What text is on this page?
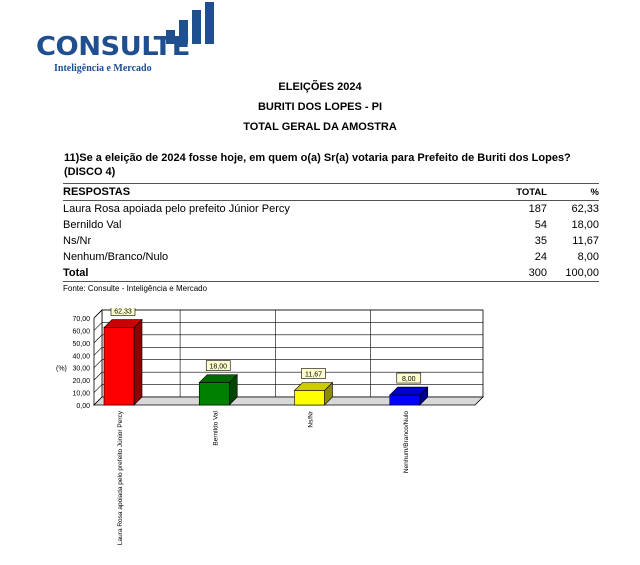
CONSULTE
Inteligência e Mercado
ELEIÇÕES 2024
BURITI DOS LOPES - PI
TOTAL GERAL DA AMOSTRA
11)Se a eleição de 2024 fosse hoje, em quem o(a) Sr(a) votaria para Prefeito de Buriti dos Lopes?(DISCO 4)
RESPOSTAS	TOTAL	%
Laura Rosa apoiada pelo prefeito Júnior Percy	187	62,33
Bernildo Val	54	18,00
Ns/Nr	35	11,67
Nenhum/Branco/Nulo	24	8,00
Total	300	100,00
Fonte: Consulte - Inteligência e Mercado
0,00
10,00
20,00
30,00
40,00
50,00
60,00
70,00
(%)
62,33
Laura Rosa apoiada pelo prefeito Júnior Percy
18,00
Bernildo Val
11,67
Ns/Nr
8,00
Nenhum/Branco/Nulo
